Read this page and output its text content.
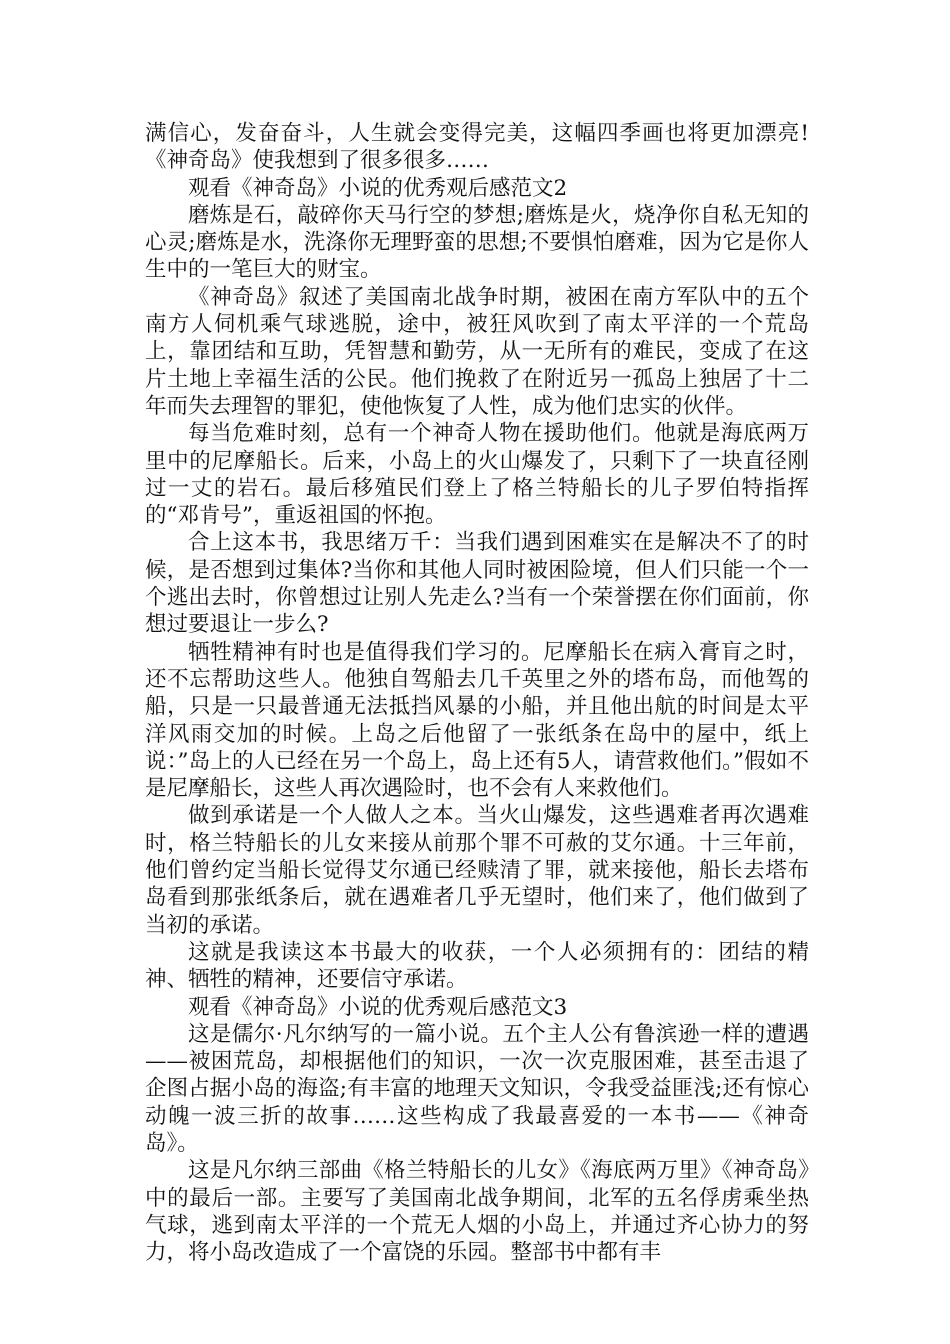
满信心，发奋奋斗，人生就会变得完美，这幅四季画也将更加漂亮!《神奇岛》使我想到了很多很多……

观看《神奇岛》小说的优秀观后感范文2

磨炼是石，敲碎你天马行空的梦想;磨炼是火，烧净你自私无知的心灵;磨炼是水，洗涤你无理野蛮的思想;不要惧怕磨难，因为它是你人生中的一笔巨大的财宝。

《神奇岛》叙述了美国南北战争时期，被困在南方军队中的五个南方人伺机乘气球逃脱，途中，被狂风吹到了南太平洋的一个荒岛上，靠团结和互助，凭智慧和勤劳，从一无所有的难民，变成了在这片土地上幸福生活的公民。他们挽救了在附近另一孤岛上独居了十二年而失去理智的罪犯，使他恢复了人性，成为他们忠实的伙伴。

每当危难时刻，总有一个神奇人物在援助他们。他就是海底两万里中的尼摩船长。后来，小岛上的火山爆发了，只剩下了一块直径刚过一丈的岩石。最后移殖民们登上了格兰特船长的儿子罗伯特指挥的“邓肯号”，重返祖国的怀抱。

合上这本书，我思绪万千：当我们遇到困难实在是解决不了的时候，是否想到过集体?当你和其他人同时被困险境，但人们只能一个一个逃出去时，你曾想过让别人先走么?当有一个荣誉摆在你们面前，你想过要退让一步么?

牺牲精神有时也是值得我们学习的。尼摩船长在病入膏肓之时，还不忘帮助这些人。他独自驾船去几千英里之外的塔布岛，而他驾的船，只是一只最普通无法抵挡风暴的小船，并且他出航的时间是太平洋风雨交加的时候。上岛之后他留了一张纸条在岛中的屋中，纸上说：”岛上的人已经在另一个岛上，岛上还有5人，请营救他们。”假如不是尼摩船长，这些人再次遇险时，也不会有人来救他们。

做到承诺是一个人做人之本。当火山爆发，这些遇难者再次遇难时，格兰特船长的儿女来接从前那个罪不可赦的艾尔通。十三年前，他们曾约定当船长觉得艾尔通已经赎清了罪，就来接他，船长去塔布岛看到那张纸条后，就在遇难者几乎无望时，他们来了，他们做到了当初的承诺。

这就是我读这本书最大的收获，一个人必须拥有的：团结的精神、牺牲的精神，还要信守承诺。

观看《神奇岛》小说的优秀观后感范文3

这是儒尔·凡尔纳写的一篇小说。五个主人公有鲁滨逊一样的遭遇——被困荒岛，却根据他们的知识，一次一次克服困难，甚至击退了企图占据小岛的海盗;有丰富的地理天文知识，令我受益匪浅;还有惊心动魄一波三折的故事……这些构成了我最喜爱的一本书——《神奇岛》。

这是凡尔纳三部曲《格兰特船长的儿女》《海底两万里》《神奇岛》中的最后一部。主要写了美国南北战争期间，北军的五名俘虏乘坐热气球，逃到南太平洋的一个荒无人烟的小岛上，并通过齐心协力的努力，将小岛改造成了一个富饶的乐园。整部书中都有丰
